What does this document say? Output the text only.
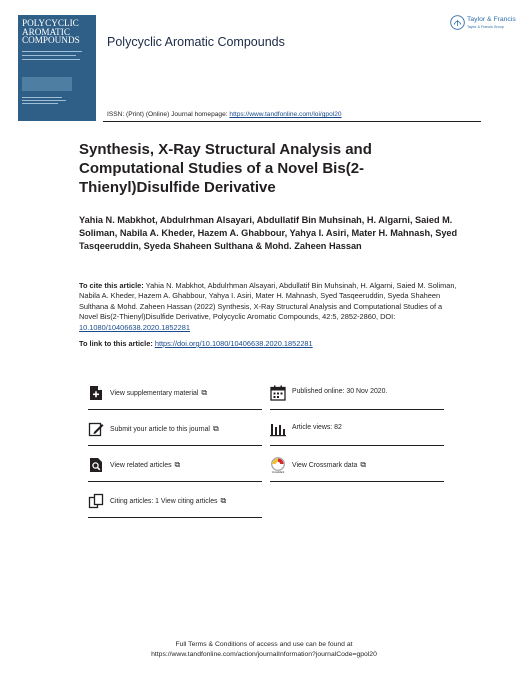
POLYCYCLIC
AROMATIC
COMPOUNDS	Polycyclic Aromatic Compounds
Taylor & Francis
Taylor & Francis Group
ISSN: (Print) (Online) Journal homepage: https://www.tandfonline.com/loi/gpol20
Synthesis, X-Ray Structural Analysis and Computational Studies of a Novel Bis(2-Thienyl)Disulfide Derivative
Yahia N. Mabkhot, Abdulrhman Alsayari, Abdullatif Bin Muhsinah, H. Algarni, Saied M. Soliman, Nabila A. Kheder, Hazem A. Ghabbour, Yahya I. Asiri, Mater H. Mahnash, Syed Tasqeeruddin, Syeda Shaheen Sulthana & Mohd. Zaheen Hassan
To cite this article: Yahia N. Mabkhot, Abdulrhman Alsayari, Abdullatif Bin Muhsinah, H. Algarni, Saied M. Soliman, Nabila A. Kheder, Hazem A. Ghabbour, Yahya I. Asiri, Mater H. Mahnash, Syed Tasqeeruddin, Syeda Shaheen Sulthana & Mohd. Zaheen Hassan (2022) Synthesis, X-Ray Structural Analysis and Computational Studies of a Novel Bis(2-Thienyl)Disulfide Derivative, Polycyclic Aromatic Compounds, 42:5, 2852-2860, DOI: 10.1080/10406638.2020.1852281
To link to this article: https://doi.org/10.1080/10406638.2020.1852281
View supplementary material ⧉
Submit your article to this journal ⧉
View related articles ⧉
Citing articles: 1 View citing articles ⧉
Published online: 30 Nov 2020.
Article views: 82
CrossMark
View Crossmark data ⧉
Full Terms & Conditions of access and use can be found at
https://www.tandfonline.com/action/journalInformation?journalCode=gpol20
